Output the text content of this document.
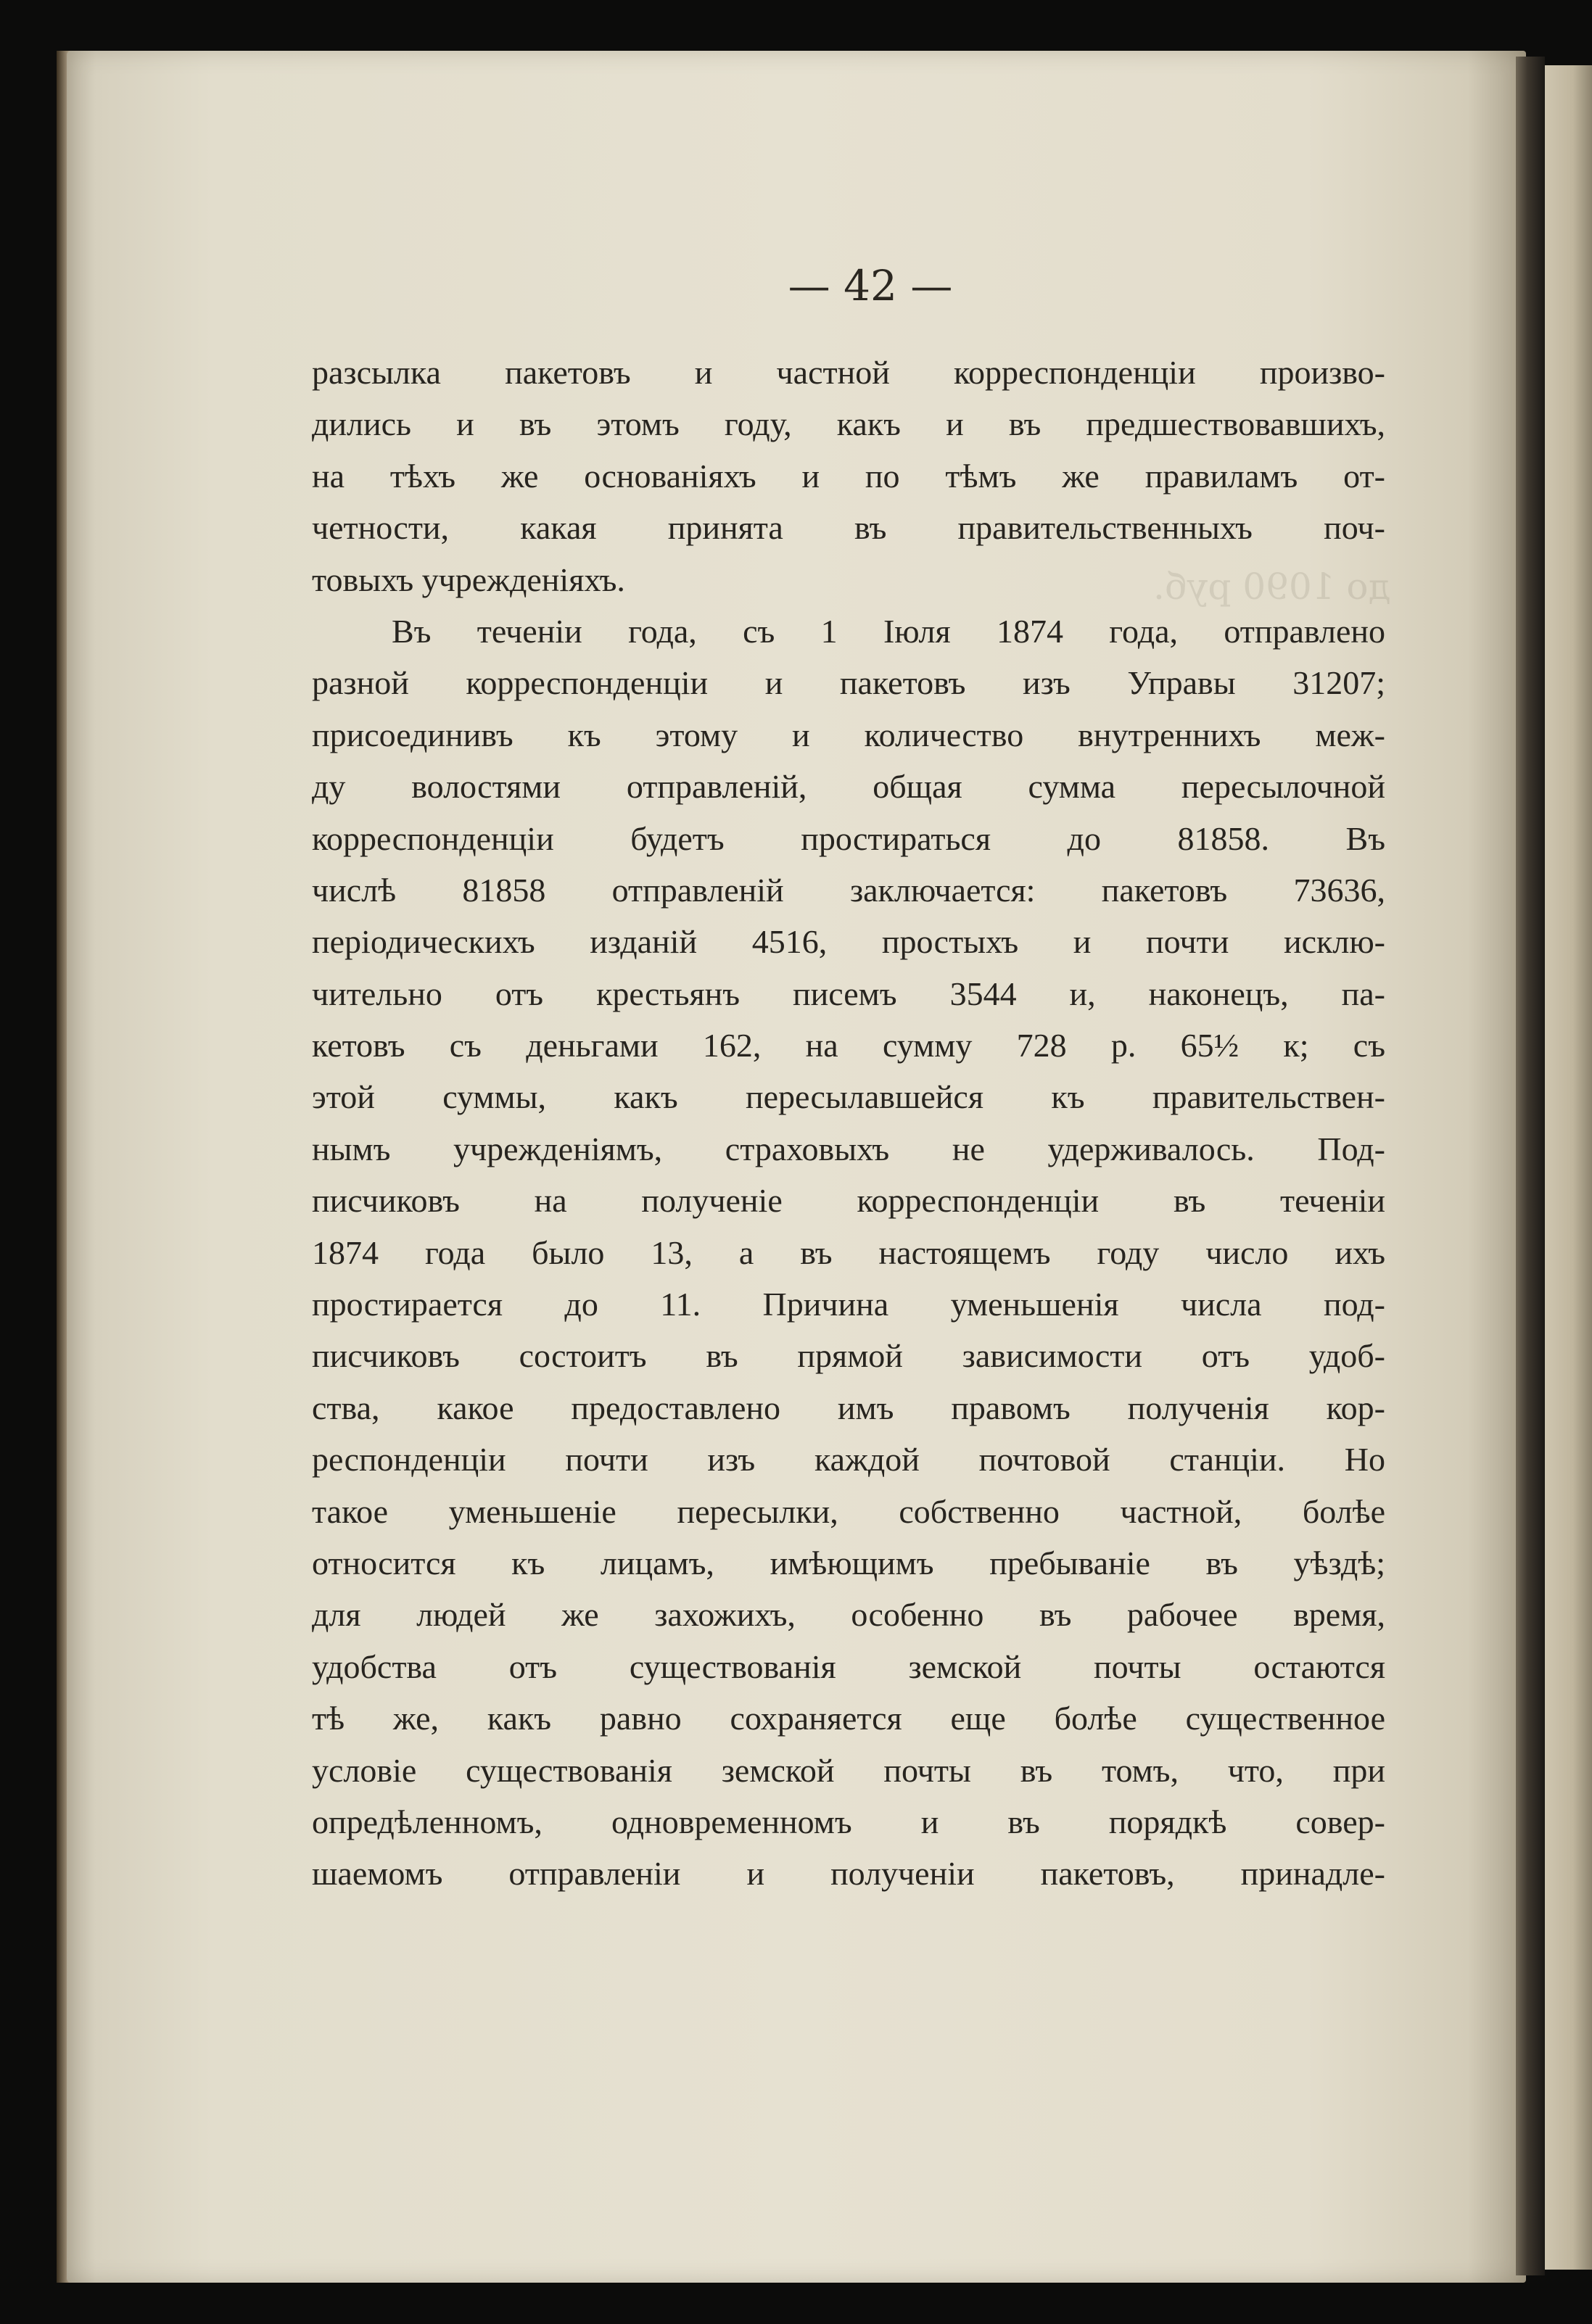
до 1090 руб.
— 42 —
разсылка пакетовъ и частной корреспонденціи произво-
дились и въ этомъ году, какъ и въ предшествовавшихъ,
на тѣхъ же основаніяхъ и по тѣмъ же правиламъ от-
четности, какая принята въ правительственныхъ поч-
товыхъ учрежденіяхъ.
Въ теченіи года, съ 1 Іюля 1874 года, отправлено
разной корреспонденціи и пакетовъ изъ Управы 31207;
присоединивъ къ этому и количество внутреннихъ меж-
ду волостями отправленій, общая сумма пересылочной
корреспонденціи будетъ простираться до 81858. Въ
числѣ 81858 отправленій заключается: пакетовъ 73636,
періодическихъ изданій 4516, простыхъ и почти исклю-
чительно отъ крестьянъ писемъ 3544 и, наконецъ, па-
кетовъ съ деньгами 162, на сумму 728 р. 65½ к; съ
этой суммы, какъ пересылавшейся къ правительствен-
нымъ учрежденіямъ, страховыхъ не удерживалось. Под-
писчиковъ на полученіе корреспонденціи въ теченіи
1874 года было 13, а въ настоящемъ году число ихъ
простирается до 11. Причина уменьшенія числа под-
писчиковъ состоитъ въ прямой зависимости отъ удоб-
ства, какое предоставлено имъ правомъ полученія кор-
респонденціи почти изъ каждой почтовой станціи. Но
такое уменьшеніе пересылки, собственно частной, болѣе
относится къ лицамъ, имѣющимъ пребываніе въ уѣздѣ;
для людей же захожихъ, особенно въ рабочее время,
удобства отъ существованія земской почты остаются
тѣ же, какъ равно сохраняется еще болѣе существенное
условіе существованія земской почты въ томъ, что, при
опредѣленномъ, одновременномъ и въ порядкѣ совер-
шаемомъ отправленіи и полученіи пакетовъ, принадле-
